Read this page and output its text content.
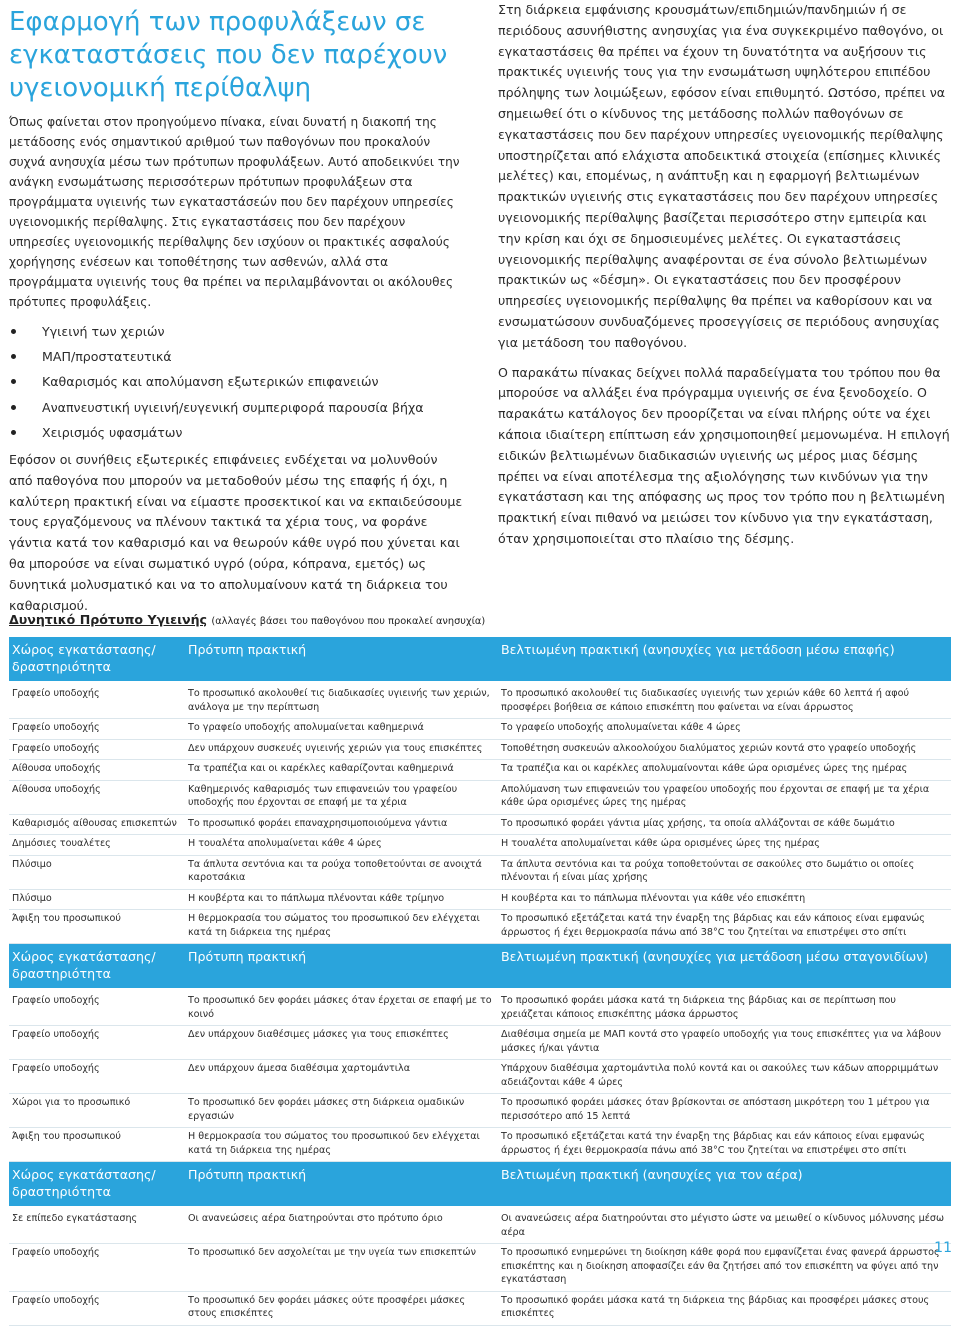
Εφαρμογή των προφυλάξεων σε εγκαταστάσεις που δεν παρέχουν υγειονομική περίθαλψη

Όπως φαίνεται στον προηγούμενο πίνακα, είναι δυνατή η διακοπή της μετάδοσης ενός σημαντικού αριθμού των παθογόνων που προκαλούν συχνά ανησυχία μέσω των πρότυπων προφυλάξεων. Αυτό αποδεικνύει την ανάγκη ενσωμάτωσης περισσότερων πρότυπων προφυλάξεων στα προγράμματα υγιεινής των εγκαταστάσεών που δεν παρέχουν υπηρεσίες υγειονομικής περίθαλψης. Στις εγκαταστάσεις που δεν παρέχουν υπηρεσίες υγειονομικής περίθαλψης δεν ισχύουν οι πρακτικές ασφαλούς χορήγησης ενέσεων και τοποθέτησης των ασθενών, αλλά στα προγράμματα υγιεινής τους θα πρέπει να περιλαμβάνονται οι ακόλουθες πρότυπες προφυλάξεις.

Υγιεινή των χεριών
ΜΑΠ/προστατευτικά
Καθαρισμός και απολύμανση εξωτερικών επιφανειών
Αναπνευστική υγιεινή/ευγενική συμπεριφορά παρουσία βήχα
Χειρισμός υφασμάτων

Εφόσον οι συνήθεις εξωτερικές επιφάνειες ενδέχεται να μολυνθούν από παθογόνα που μπορούν να μεταδοθούν μέσω της επαφής ή όχι, η καλύτερη πρακτική είναι να είμαστε προσεκτικοί και να εκπαιδεύσουμε τους εργαζόμενους να πλένουν τακτικά τα χέρια τους, να φοράνε γάντια κατά τον καθαρισμό και να θεωρούν κάθε υγρό που χύνεται και θα μπορούσε να είναι σωματικό υγρό (ούρα, κόπρανα, εμετός) ως δυνητικά μολυσματικό και να το απολυμαίνουν κατά τη διάρκεια του καθαρισμού.

Στη διάρκεια εμφάνισης κρουσμάτων/επιδημιών/πανδημιών ή σε περιόδους ασυνήθιστης ανησυχίας για ένα συγκεκριμένο παθογόνο, οι εγκαταστάσεις θα πρέπει να έχουν τη δυνατότητα να αυξήσουν τις πρακτικές υγιεινής τους για την ενσωμάτωση υψηλότερου επιπέδου πρόληψης των λοιμώξεων, εφόσον είναι επιθυμητό. Ωστόσο, πρέπει να σημειωθεί ότι ο κίνδυνος της μετάδοσης πολλών παθογόνων σε εγκαταστάσεις που δεν παρέχουν υπηρεσίες υγειονομικής περίθαλψης υποστηρίζεται από ελάχιστα αποδεικτικά στοιχεία (επίσημες κλινικές μελέτες) και, επομένως, η ανάπτυξη και η εφαρμογή βελτιωμένων πρακτικών υγιεινής στις εγκαταστάσεις που δεν παρέχουν υπηρεσίες υγειονομικής περίθαλψης βασίζεται περισσότερο στην εμπειρία και την κρίση και όχι σε δημοσιευμένες μελέτες. Οι εγκαταστάσεις υγειονομικής περίθαλψης αναφέρονται σε ένα σύνολο βελτιωμένων πρακτικών ως «δέσμη». Οι εγκαταστάσεις που δεν προσφέρουν υπηρεσίες υγειονομικής περίθαλψης θα πρέπει να καθορίσουν και να ενσωματώσουν συνδυαζόμενες προσεγγίσεις σε περιόδους ανησυχίας για μετάδοση του παθογόνου.

Ο παρακάτω πίνακας δείχνει πολλά παραδείγματα του τρόπου που θα μπορούσε να αλλάξει ένα πρόγραμμα υγιεινής σε ένα ξενοδοχείο. Ο παρακάτω κατάλογος δεν προορίζεται να είναι πλήρης ούτε να έχει κάποια ιδιαίτερη επίπτωση εάν χρησιμοποιηθεί μεμονωμένα. Η επιλογή ειδικών βελτιωμένων διαδικασιών υγιεινής ως μέρος μιας δέσμης πρέπει να είναι αποτέλεσμα της αξιολόγησης των κινδύνων για την εγκατάσταση και της απόφασης ως προς τον τρόπο που η βελτιωμένη πρακτική είναι πιθανό να μειώσει τον κίνδυνο για την εγκατάσταση, όταν χρησιμοποιείται στο πλαίσιο της δέσμης.

Δυνητικό Πρότυπο Υγιεινής (αλλαγές βάσει του παθογόνου που προκαλεί ανησυχία)
Χώρος εγκατάστασης/ δραστηριότητα	Πρότυπη πρακτική	Βελτιωμένη πρακτική (ανησυχίες για μετάδοση μέσω επαφής)
Γραφείο υποδοχής	Το προσωπικό ακολουθεί τις διαδικασίες υγιεινής των χεριών, ανάλογα με την περίπτωση	Το προσωπικό ακολουθεί τις διαδικασίες υγιεινής των χεριών κάθε 60 λεπτά ή αφού προσφέρει βοήθεια σε κάποιο επισκέπτη που φαίνεται να είναι άρρωστος
Γραφείο υποδοχής	Το γραφείο υποδοχής απολυμαίνεται καθημερινά	Το γραφείο υποδοχής απολυμαίνεται κάθε 4 ώρες
Γραφείο υποδοχής	Δεν υπάρχουν συσκευές υγιεινής χεριών για τους επισκέπτες	Τοποθέτηση συσκευών αλκοολούχου διαλύματος χεριών κοντά στο γραφείο υποδοχής
Αίθουσα υποδοχής	Τα τραπέζια και οι καρέκλες καθαρίζονται καθημερινά	Τα τραπέζια και οι καρέκλες απολυμαίνονται κάθε ώρα ορισμένες ώρες της ημέρας
Αίθουσα υποδοχής	Καθημερινός καθαρισμός των επιφανειών του γραφείου υποδοχής που έρχονται σε επαφή με τα χέρια	Απολύμανση των επιφανειών του γραφείου υποδοχής που έρχονται σε επαφή με τα χέρια κάθε ώρα ορισμένες ώρες της ημέρας
Καθαρισμός αίθουσας επισκεπτών	Το προσωπικό φοράει επαναχρησιμοποιούμενα γάντια	Το προσωπικό φοράει γάντια μίας χρήσης, τα οποία αλλάζονται σε κάθε δωμάτιο
Δημόσιες τουαλέτες	Η τουαλέτα απολυμαίνεται κάθε 4 ώρες	Η τουαλέτα απολυμαίνεται κάθε ώρα ορισμένες ώρες της ημέρας
Πλύσιμο	Τα άπλυτα σεντόνια και τα ρούχα τοποθετούνται σε ανοιχτά καροτσάκια	Τα άπλυτα σεντόνια και τα ρούχα τοποθετούνται σε σακούλες στο δωμάτιο οι οποίες πλένονται ή είναι μίας χρήσης
Πλύσιμο	Η κουβέρτα και το πάπλωμα πλένονται κάθε τρίμηνο	Η κουβέρτα και το πάπλωμα πλένονται για κάθε νέο επισκέπτη
Άφιξη του προσωπικού	Η θερμοκρασία του σώματος του προσωπικού δεν ελέγχεται κατά τη διάρκεια της ημέρας	Το προσωπικό εξετάζεται κατά την έναρξη της βάρδιας και εάν κάποιος είναι εμφανώς άρρωστος ή έχει θερμοκρασία πάνω από 38°C του ζητείται να επιστρέψει στο σπίτι
Χώρος εγκατάστασης/ δραστηριότητα	Πρότυπη πρακτική	Βελτιωμένη πρακτική (ανησυχίες για μετάδοση μέσω σταγονιδίων)
Γραφείο υποδοχής	Το προσωπικό δεν φοράει μάσκες όταν έρχεται σε επαφή με το κοινό	Το προσωπικό φοράει μάσκα κατά τη διάρκεια της βάρδιας και σε περίπτωση που χρειάζεται κάποιος επισκέπτης μάσκα άρρωστος
Γραφείο υποδοχής	Δεν υπάρχουν διαθέσιμες μάσκες για τους επισκέπτες	Διαθέσιμα σημεία με ΜΑΠ κοντά στο γραφείο υποδοχής για τους επισκέπτες για να λάβουν μάσκες ή/και γάντια
Γραφείο υποδοχής	Δεν υπάρχουν άμεσα διαθέσιμα χαρτομάντιλα	Υπάρχουν διαθέσιμα χαρτομάντιλα πολύ κοντά και οι σακούλες των κάδων απορριμμάτων αδειάζονται κάθε 4 ώρες
Χώροι για το προσωπικό	Το προσωπικό δεν φοράει μάσκες στη διάρκεια ομαδικών εργασιών	Το προσωπικό φοράει μάσκες όταν βρίσκονται σε απόσταση μικρότερη του 1 μέτρου για περισσότερο από 15 λεπτά
Άφιξη του προσωπικού	Η θερμοκρασία του σώματος του προσωπικού δεν ελέγχεται κατά τη διάρκεια της ημέρας	Το προσωπικό εξετάζεται κατά την έναρξη της βάρδιας και εάν κάποιος είναι εμφανώς άρρωστος ή έχει θερμοκρασία πάνω από 38°C του ζητείται να επιστρέψει στο σπίτι
Χώρος εγκατάστασης/ δραστηριότητα	Πρότυπη πρακτική	Βελτιωμένη πρακτική (ανησυχίες για τον αέρα)
Σε επίπεδο εγκατάστασης	Οι ανανεώσεις αέρα διατηρούνται στο πρότυπο όριο	Οι ανανεώσεις αέρα διατηρούνται στο μέγιστο ώστε να μειωθεί ο κίνδυνος μόλυνσης μέσω αέρα
Γραφείο υποδοχής	Το προσωπικό δεν ασχολείται με την υγεία των επισκεπτών	Το προσωπικό ενημερώνει τη διοίκηση κάθε φορά που εμφανίζεται ένας φανερά άρρωστος επισκέπτης και η διοίκηση αποφασίζει εάν θα ζητήσει από τον επισκέπτη να φύγει από την εγκατάσταση
Γραφείο υποδοχής	Το προσωπικό δεν φοράει μάσκες ούτε προσφέρει μάσκες στους επισκέπτες	Το προσωπικό φοράει μάσκα κατά τη διάρκεια της βάρδιας και προσφέρει μάσκες στους επισκέπτες
11
